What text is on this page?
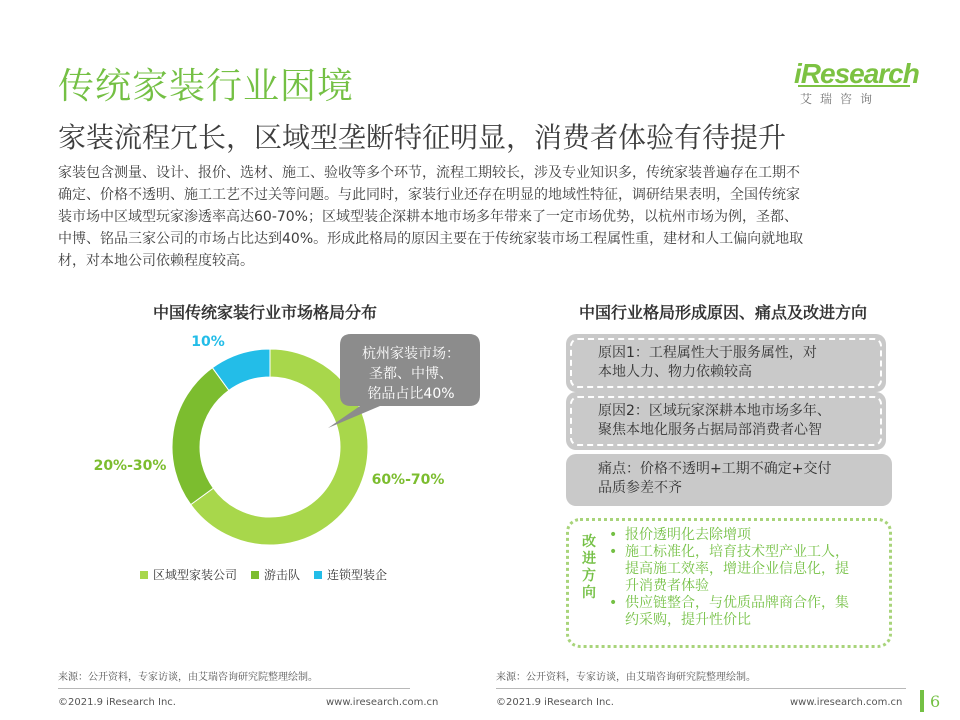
传统家装行业困境
家装流程冗长，区域型垄断特征明显，消费者体验有待提升
iResearch
艾瑞咨询
家装包含测量、设计、报价、选材、施工、验收等多个环节，流程工期较长，涉及专业知识多，传统家装普遍存在工期不
确定、价格不透明、施工工艺不过关等问题。与此同时，家装行业还存在明显的地域性特征，调研结果表明，全国传统家
装市场中区域型玩家渗透率高达60-70%；区域型装企深耕本地市场多年带来了一定市场优势，以杭州市场为例，圣都、
中博、铭品三家公司的市场占比达到40%。形成此格局的原因主要在于传统家装市场工程属性重，建材和人工偏向就地取
材，对本地公司依赖程度较高。
中国传统家装行业市场格局分布	中国行业格局形成原因、痛点及改进方向
60%-70%
20%-30%
10%
杭州家装市场：
圣都、中博、
铭品占比40%
区域型家装公司 游击队 连锁型装企
原因1：工程属性大于服务属性，对
本地人力、物力依赖较高
原因2：区域玩家深耕本地市场多年、
聚焦本地化服务占据局部消费者心智
痛点：价格不透明+工期不确定+交付
品质参差不齐
改
进
方
向
• 报价透明化去除增项
• 施工标准化，培育技术型产业工人，
提高施工效率，增进企业信息化，提
升消费者体验
• 供应链整合，与优质品牌商合作，集
约采购，提升性价比
来源：公开资料，专家访谈，由艾瑞咨询研究院整理绘制。	来源：公开资料，专家访谈，由艾瑞咨询研究院整理绘制。
©2021.9 iResearch Inc.	www.iresearch.com.cn	©2021.9 iResearch Inc.	www.iresearch.com.cn 6
